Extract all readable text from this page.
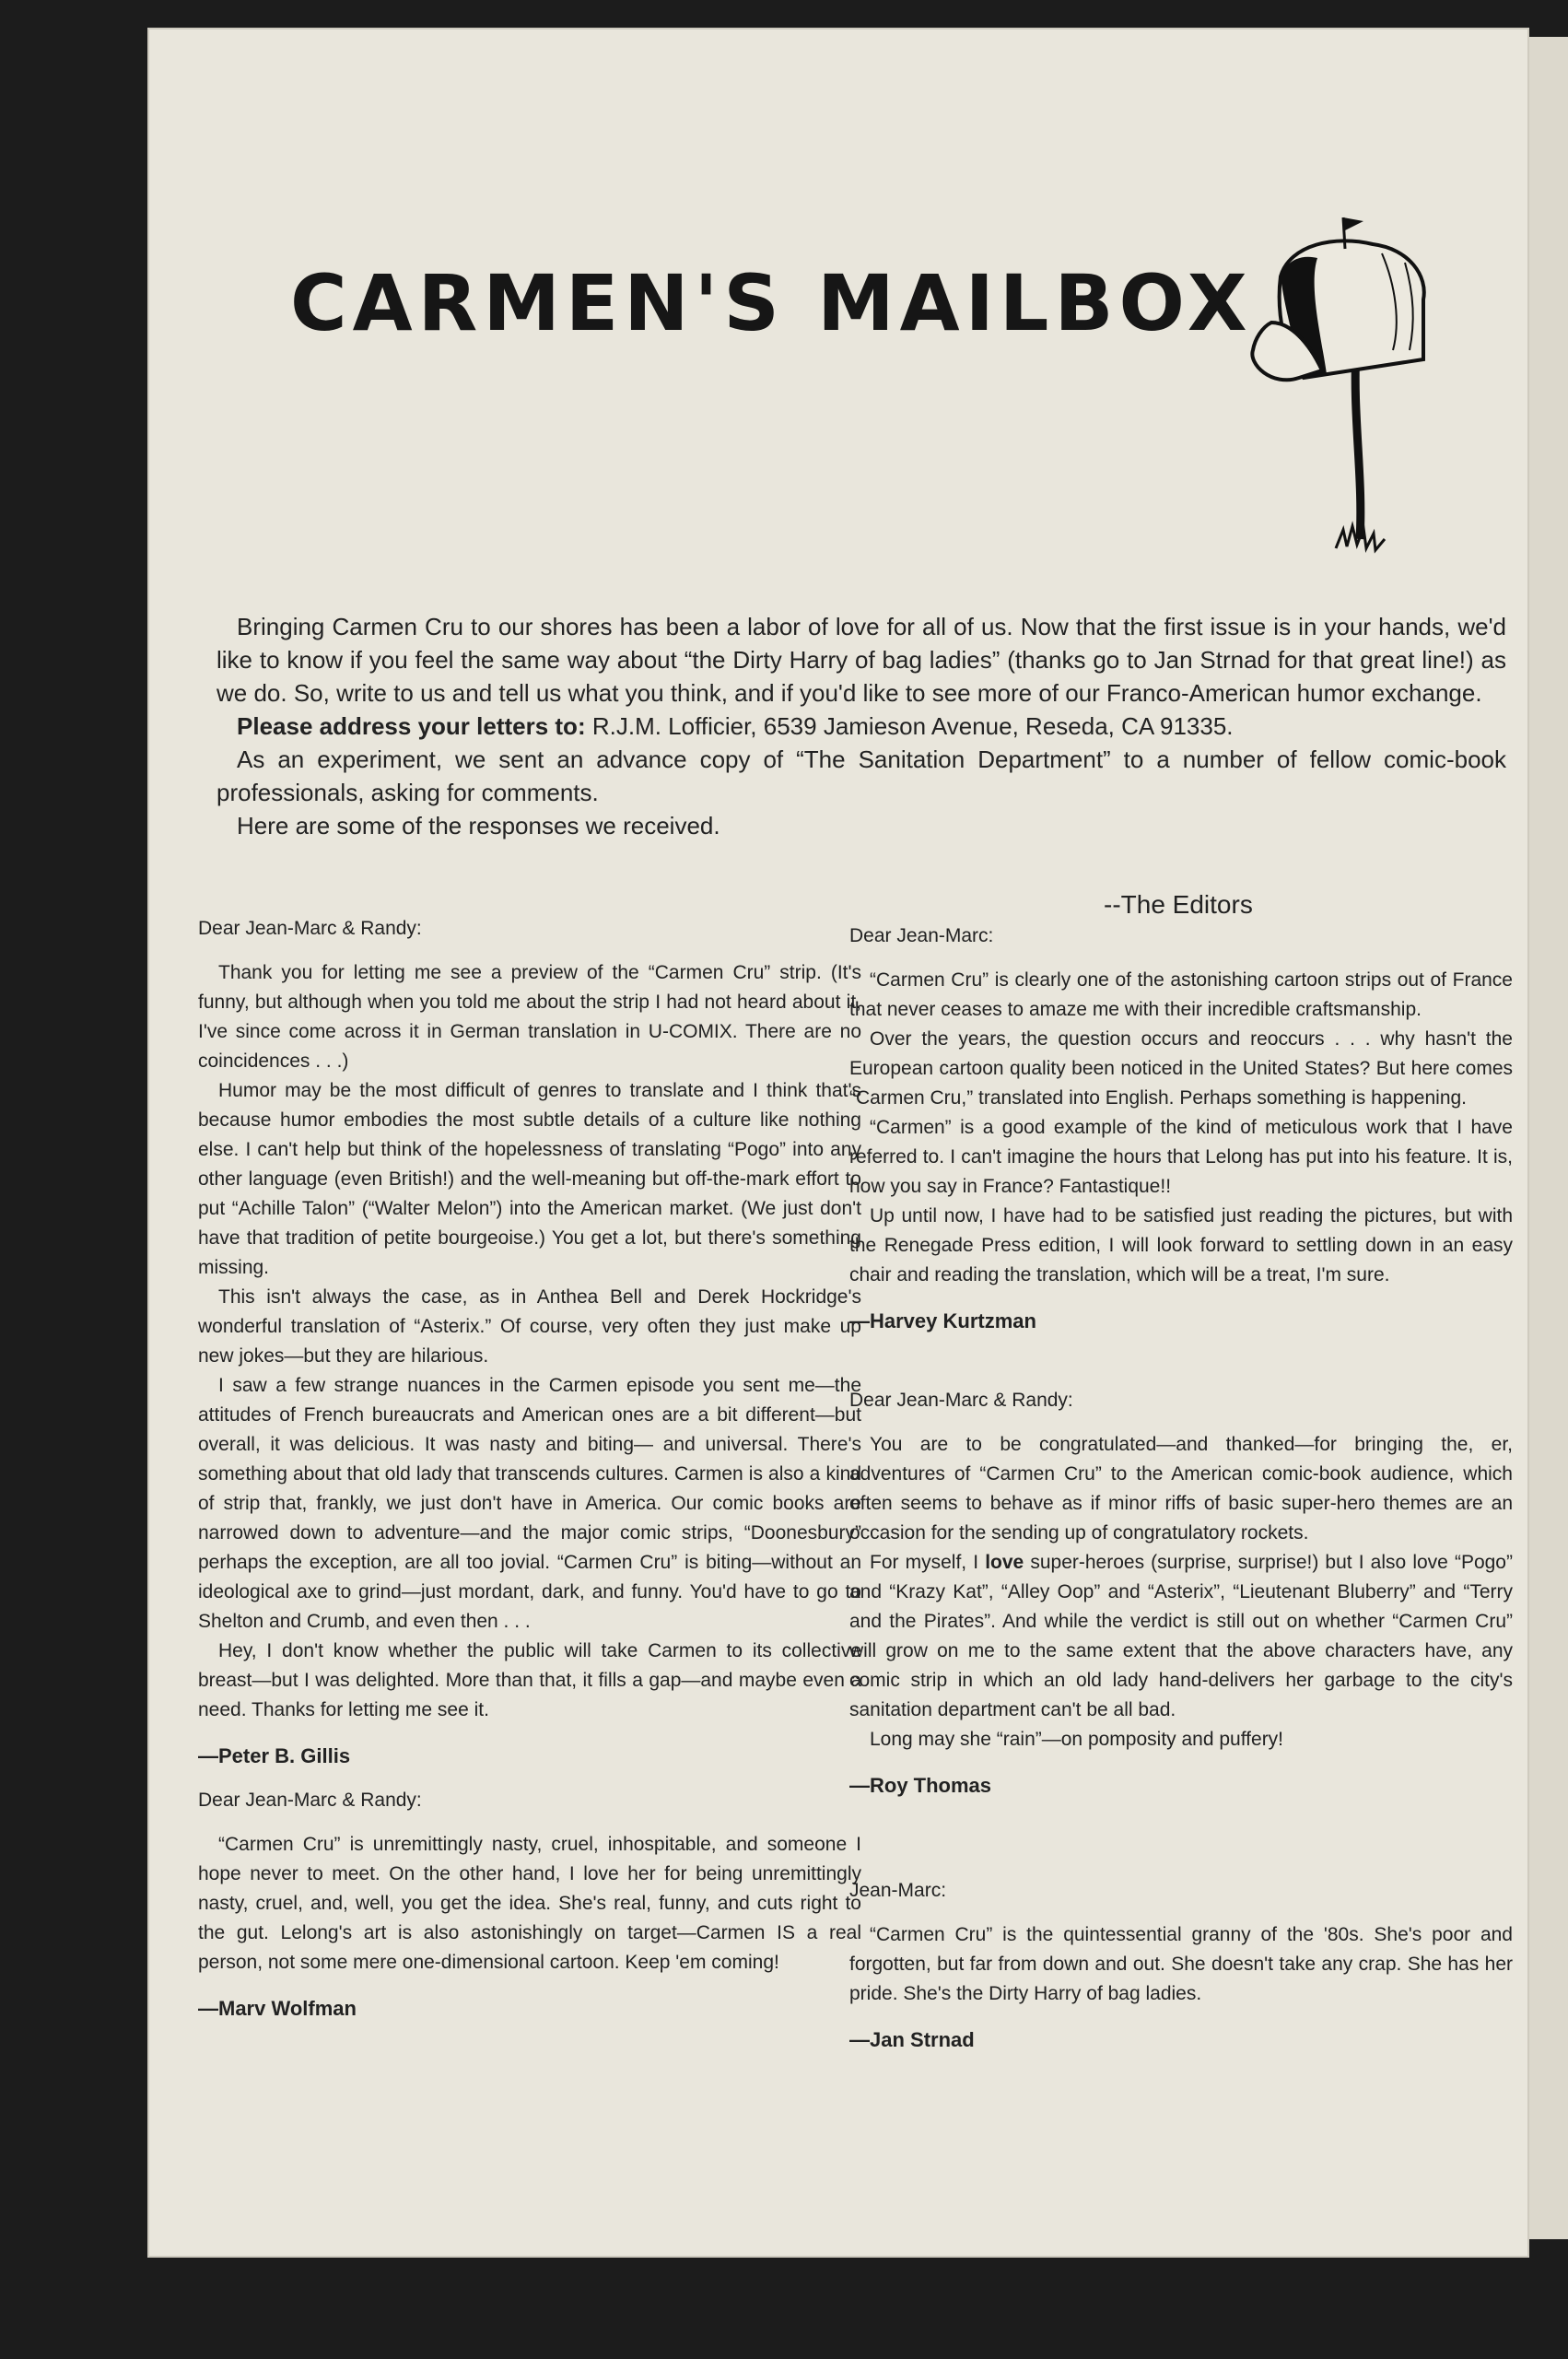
CARMEN'S MAILBOX

Bringing Carmen Cru to our shores has been a labor of love for all of us. Now that the first issue is in your hands, we'd like to know if you feel the same way about “the Dirty Harry of bag ladies” (thanks go to Jan Strnad for that great line!) as we do. So, write to us and tell us what you think, and if you'd like to see more of our Franco-American humor exchange.

Please address your letters to: R.J.M. Lofficier, 6539 Jamieson Avenue, Reseda, CA 91335.

As an experiment, we sent an advance copy of “The Sanitation Department” to a number of fellow comic-book professionals, asking for comments.

Here are some of the responses we received.

--The Editors
Dear Jean-Marc & Randy:

Thank you for letting me see a preview of the “Carmen Cru” strip. (It's funny, but although when you told me about the strip I had not heard about it, I've since come across it in German translation in U-COMIX. There are no coincidences . . .)

Humor may be the most difficult of genres to translate and I think that's because humor embodies the most subtle details of a culture like nothing else. I can't help but think of the hopelessness of translating “Pogo” into any other language (even British!) and the well-meaning but off-the-mark effort to put “Achille Talon” (“Walter Melon”) into the American market. (We just don't have that tradition of petite bourgeoise.) You get a lot, but there's something missing.

This isn't always the case, as in Anthea Bell and Derek Hockridge's wonderful translation of “Asterix.” Of course, very often they just make up new jokes—but they are hilarious.

I saw a few strange nuances in the Carmen episode you sent me—the attitudes of French bureaucrats and American ones are a bit different—but overall, it was delicious. It was nasty and biting— and universal. There's something about that old lady that transcends cultures. Carmen is also a kind of strip that, frankly, we just don't have in America. Our comic books are narrowed down to adventure—and the major comic strips, “Doonesbury” perhaps the exception, are all too jovial. “Carmen Cru” is biting—without an ideological axe to grind—just mordant, dark, and funny. You'd have to go to Shelton and Crumb, and even then . . .

Hey, I don't know whether the public will take Carmen to its collective breast—but I was delighted. More than that, it fills a gap—and maybe even a need. Thanks for letting me see it.

—Peter B. Gillis
Dear Jean-Marc & Randy:

“Carmen Cru” is unremittingly nasty, cruel, inhospitable, and someone I hope never to meet. On the other hand, I love her for being unremittingly nasty, cruel, and, well, you get the idea. She's real, funny, and cuts right to the gut. Lelong's art is also astonishingly on target—Carmen IS a real person, not some mere one-dimensional cartoon. Keep 'em coming!

—Marv Wolfman
Dear Jean-Marc:

“Carmen Cru” is clearly one of the astonishing cartoon strips out of France that never ceases to amaze me with their incredible craftsmanship.

Over the years, the question occurs and reoccurs . . . why hasn't the European cartoon quality been noticed in the United States? But here comes “Carmen Cru,” translated into English. Perhaps something is happening.

“Carmen” is a good example of the kind of meticulous work that I have referred to. I can't imagine the hours that Lelong has put into his feature. It is, how you say in France? Fantastique!!

Up until now, I have had to be satisfied just reading the pictures, but with the Renegade Press edition, I will look forward to settling down in an easy chair and reading the translation, which will be a treat, I'm sure.

—Harvey Kurtzman
Dear Jean-Marc & Randy:

You are to be congratulated—and thanked—for bringing the, er, adventures of “Carmen Cru” to the American comic-book audience, which often seems to behave as if minor riffs of basic super-hero themes are an occasion for the sending up of congratulatory rockets.

For myself, I love super-heroes (surprise, surprise!) but I also love “Pogo” and “Krazy Kat”, “Alley Oop” and “Asterix”, “Lieutenant Bluberry” and “Terry and the Pirates”. And while the verdict is still out on whether “Carmen Cru” will grow on me to the same extent that the above characters have, any comic strip in which an old lady hand-delivers her garbage to the city's sanitation department can't be all bad.

Long may she “rain”—on pomposity and puffery!

—Roy Thomas
Jean-Marc:

“Carmen Cru” is the quintessential granny of the '80s. She's poor and forgotten, but far from down and out. She doesn't take any crap. She has her pride. She's the Dirty Harry of bag ladies.

—Jan Strnad
